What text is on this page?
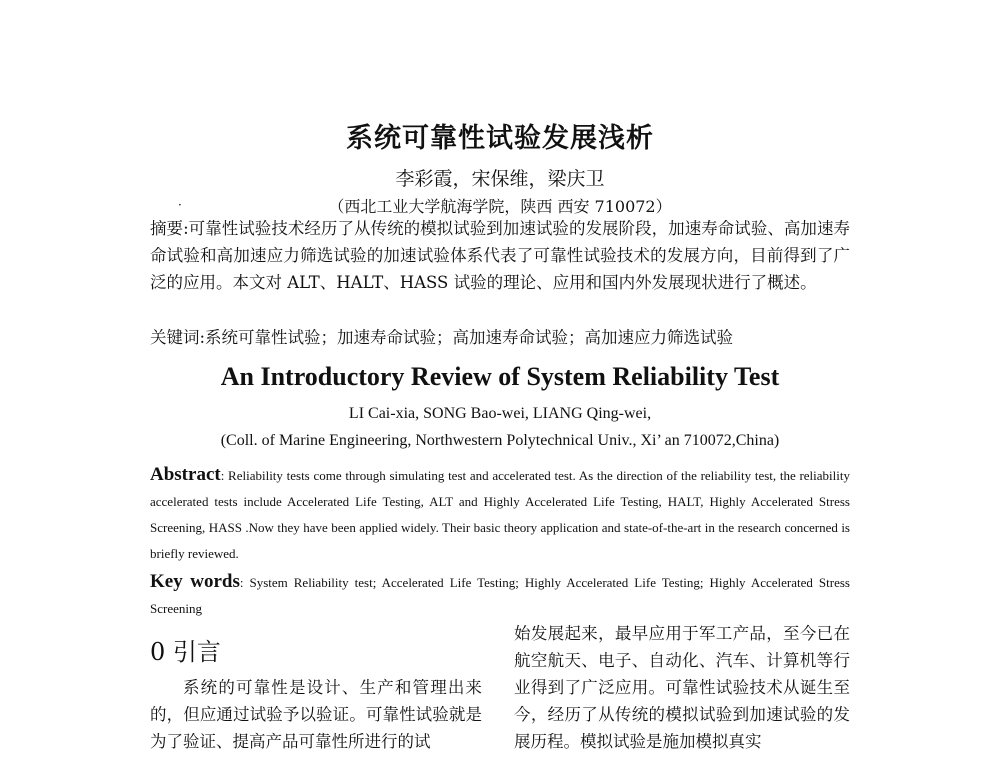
系统可靠性试验发展浅析
李彩霞，宋保维，梁庆卫
·	（西北工业大学航海学院，陕西 西安 710072）

摘要:可靠性试验技术经历了从传统的模拟试验到加速试验的发展阶段，加速寿命试验、高加速寿命试验和高加速应力筛选试验的加速试验体系代表了可靠性试验技术的发展方向，目前得到了广泛的应用。本文对 ALT、HALT、HASS 试验的理论、应用和国内外发展现状进行了概述。

关键词:系统可靠性试验；加速寿命试验；高加速寿命试验；高加速应力筛选试验

An Introductory Review of System Reliability Test
LI Cai-xia, SONG Bao-wei, LIANG Qing-wei,
(Coll. of Marine Engineering, Northwestern Polytechnical Univ., Xi’ an 710072,China)

Abstract: Reliability tests come through simulating test and accelerated test. As the direction of the reliability test, the reliability accelerated tests include Accelerated Life Testing, ALT and Highly Accelerated Life Testing, HALT, Highly Accelerated Stress Screening, HASS .Now they have been applied widely. Their basic theory application and state-of-the-art in the research concerned is briefly reviewed.

Key words: System Reliability test; Accelerated Life Testing; Highly Accelerated Life Testing; Highly Accelerated Stress Screening

0 引言

系统的可靠性是设计、生产和管理出来的，但应通过试验予以验证。可靠性试验就是为了验证、提高产品可靠性所进行的试

始发展起来，最早应用于军工产品，至今已在航空航天、电子、自动化、汽车、计算机等行业得到了广泛应用。可靠性试验技术从诞生至今，经历了从传统的模拟试验到加速试验的发展历程。模拟试验是施加模拟真实
